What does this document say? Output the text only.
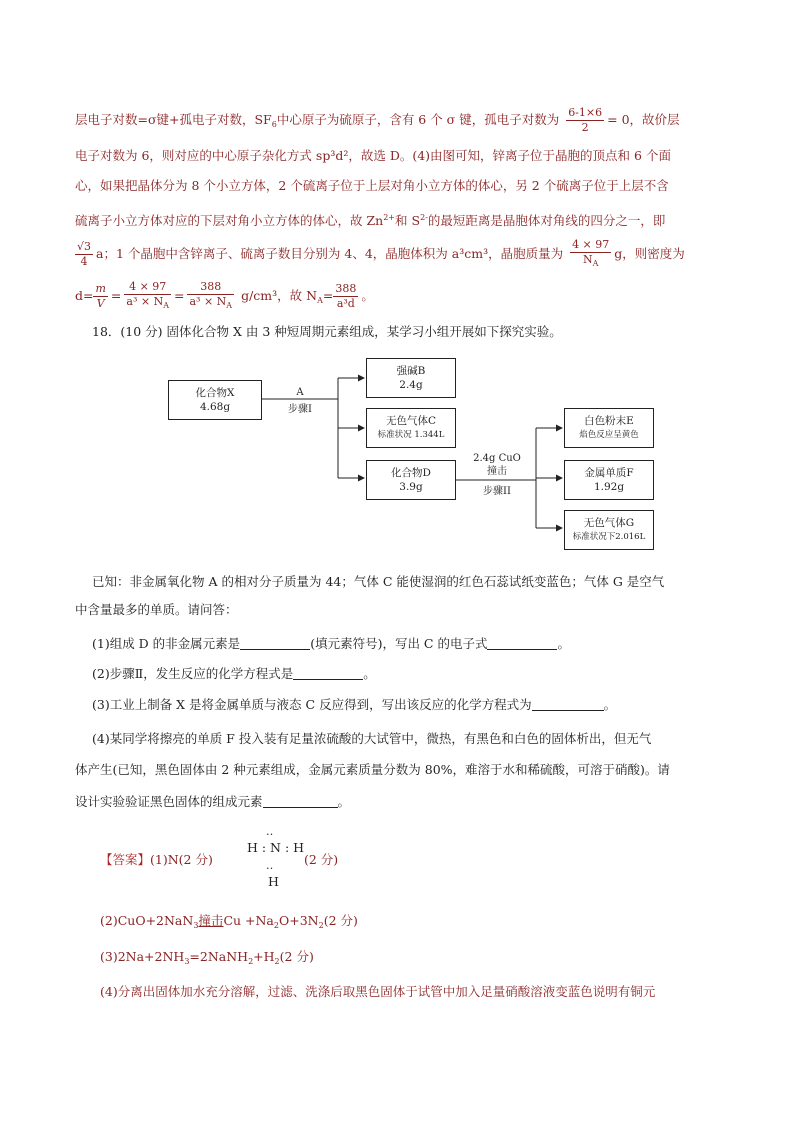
层电子对数=σ键+孤电子对数，$SF_6$中心原子为硫原子，含有 6 个 σ 键，孤电子对数为 $\frac{6-1\times 6}{2} = 0$，故价层
电子对数为 6，则对应的中心原子杂化方式 sp³d²，故选 D。(4)由图可知，锌离子位于晶胞的顶点和 6 个面
心，如果把晶体分为 8 个小立方体，2 个硫离子位于上层对角小立方体的体心，另 2 个硫离子位于上层不含
硫离子小立方体对应的下层对角小立方体的体心，故 $Zn^{2+}$和 $S^{2-}$的最短距离是晶胞体对角线的四分之一，即
$\frac{√3}{4}$ a；1 个晶胞中含锌离子、硫离子数目分别为 4、4，晶胞体积为 a³cm³，晶胞质量为 $\frac{4 \times 97}{N_A}$ g，则密度为
$d= \frac{m}{V} = \frac{4 \times 97}{a^3 \times N_A} = \frac{388}{a^3 \times N_A} g/cm^3$，故 $N_A= \frac{388}{\text{a³d}}$ 。
18．(10 分) 固体化合物 X 由 3 种短周期元素组成，某学习小组开展如下探究实验。
化合物X
4.68g
A
步骤I
强碱B
2.4g
无色气体C
标准状况 1.344L
化合物D
3.9g
2.4g CuO
撞击
步骤II
白色粉末E
焰色反应呈黄色
金属单质F
1.92g
无色气体G
标准状况下2.016L
已知：非金属氧化物 A 的相对分子质量为 44；气体 C 能使湿润的红色石蕊试纸变蓝色；气体 G 是空气
中含量最多的单质。请问答：
(1)组成 D 的非金属元素是	(填元素符号)，写出 C 的电子式	。
(2)步骤Ⅱ，发生反应的化学方程式是	。
(3)工业上制备 X 是将金属单质与液态 C 反应得到，写出该反应的化学方程式为	。
(4)某同学将擦亮的单质 F 投入装有足量浓硫酸的大试管中，微热，有黑色和白色的固体析出，但无气
体产生(已知，黑色固体由 2 种元素组成，金属元素质量分数为 80%，难溶于水和稀硫酸，可溶于硝酸)。请
设计实验验证黑色固体的组成元素	。
【答案】(1)N(2 分)
‥
H : N : H
‥
H
(2 分)
(2)CuO+2NaN$_3$撞击$Cu +Na_2O+3N_2(2$ 分)
$(3)2Na+2NH_3=2NaNH_2+H_2(2$ 分)
(4)分离出固体加水充分溶解，过滤、洗涤后取黑色固体于试管中加入足量硝酸溶液变蓝色说明有铜元
